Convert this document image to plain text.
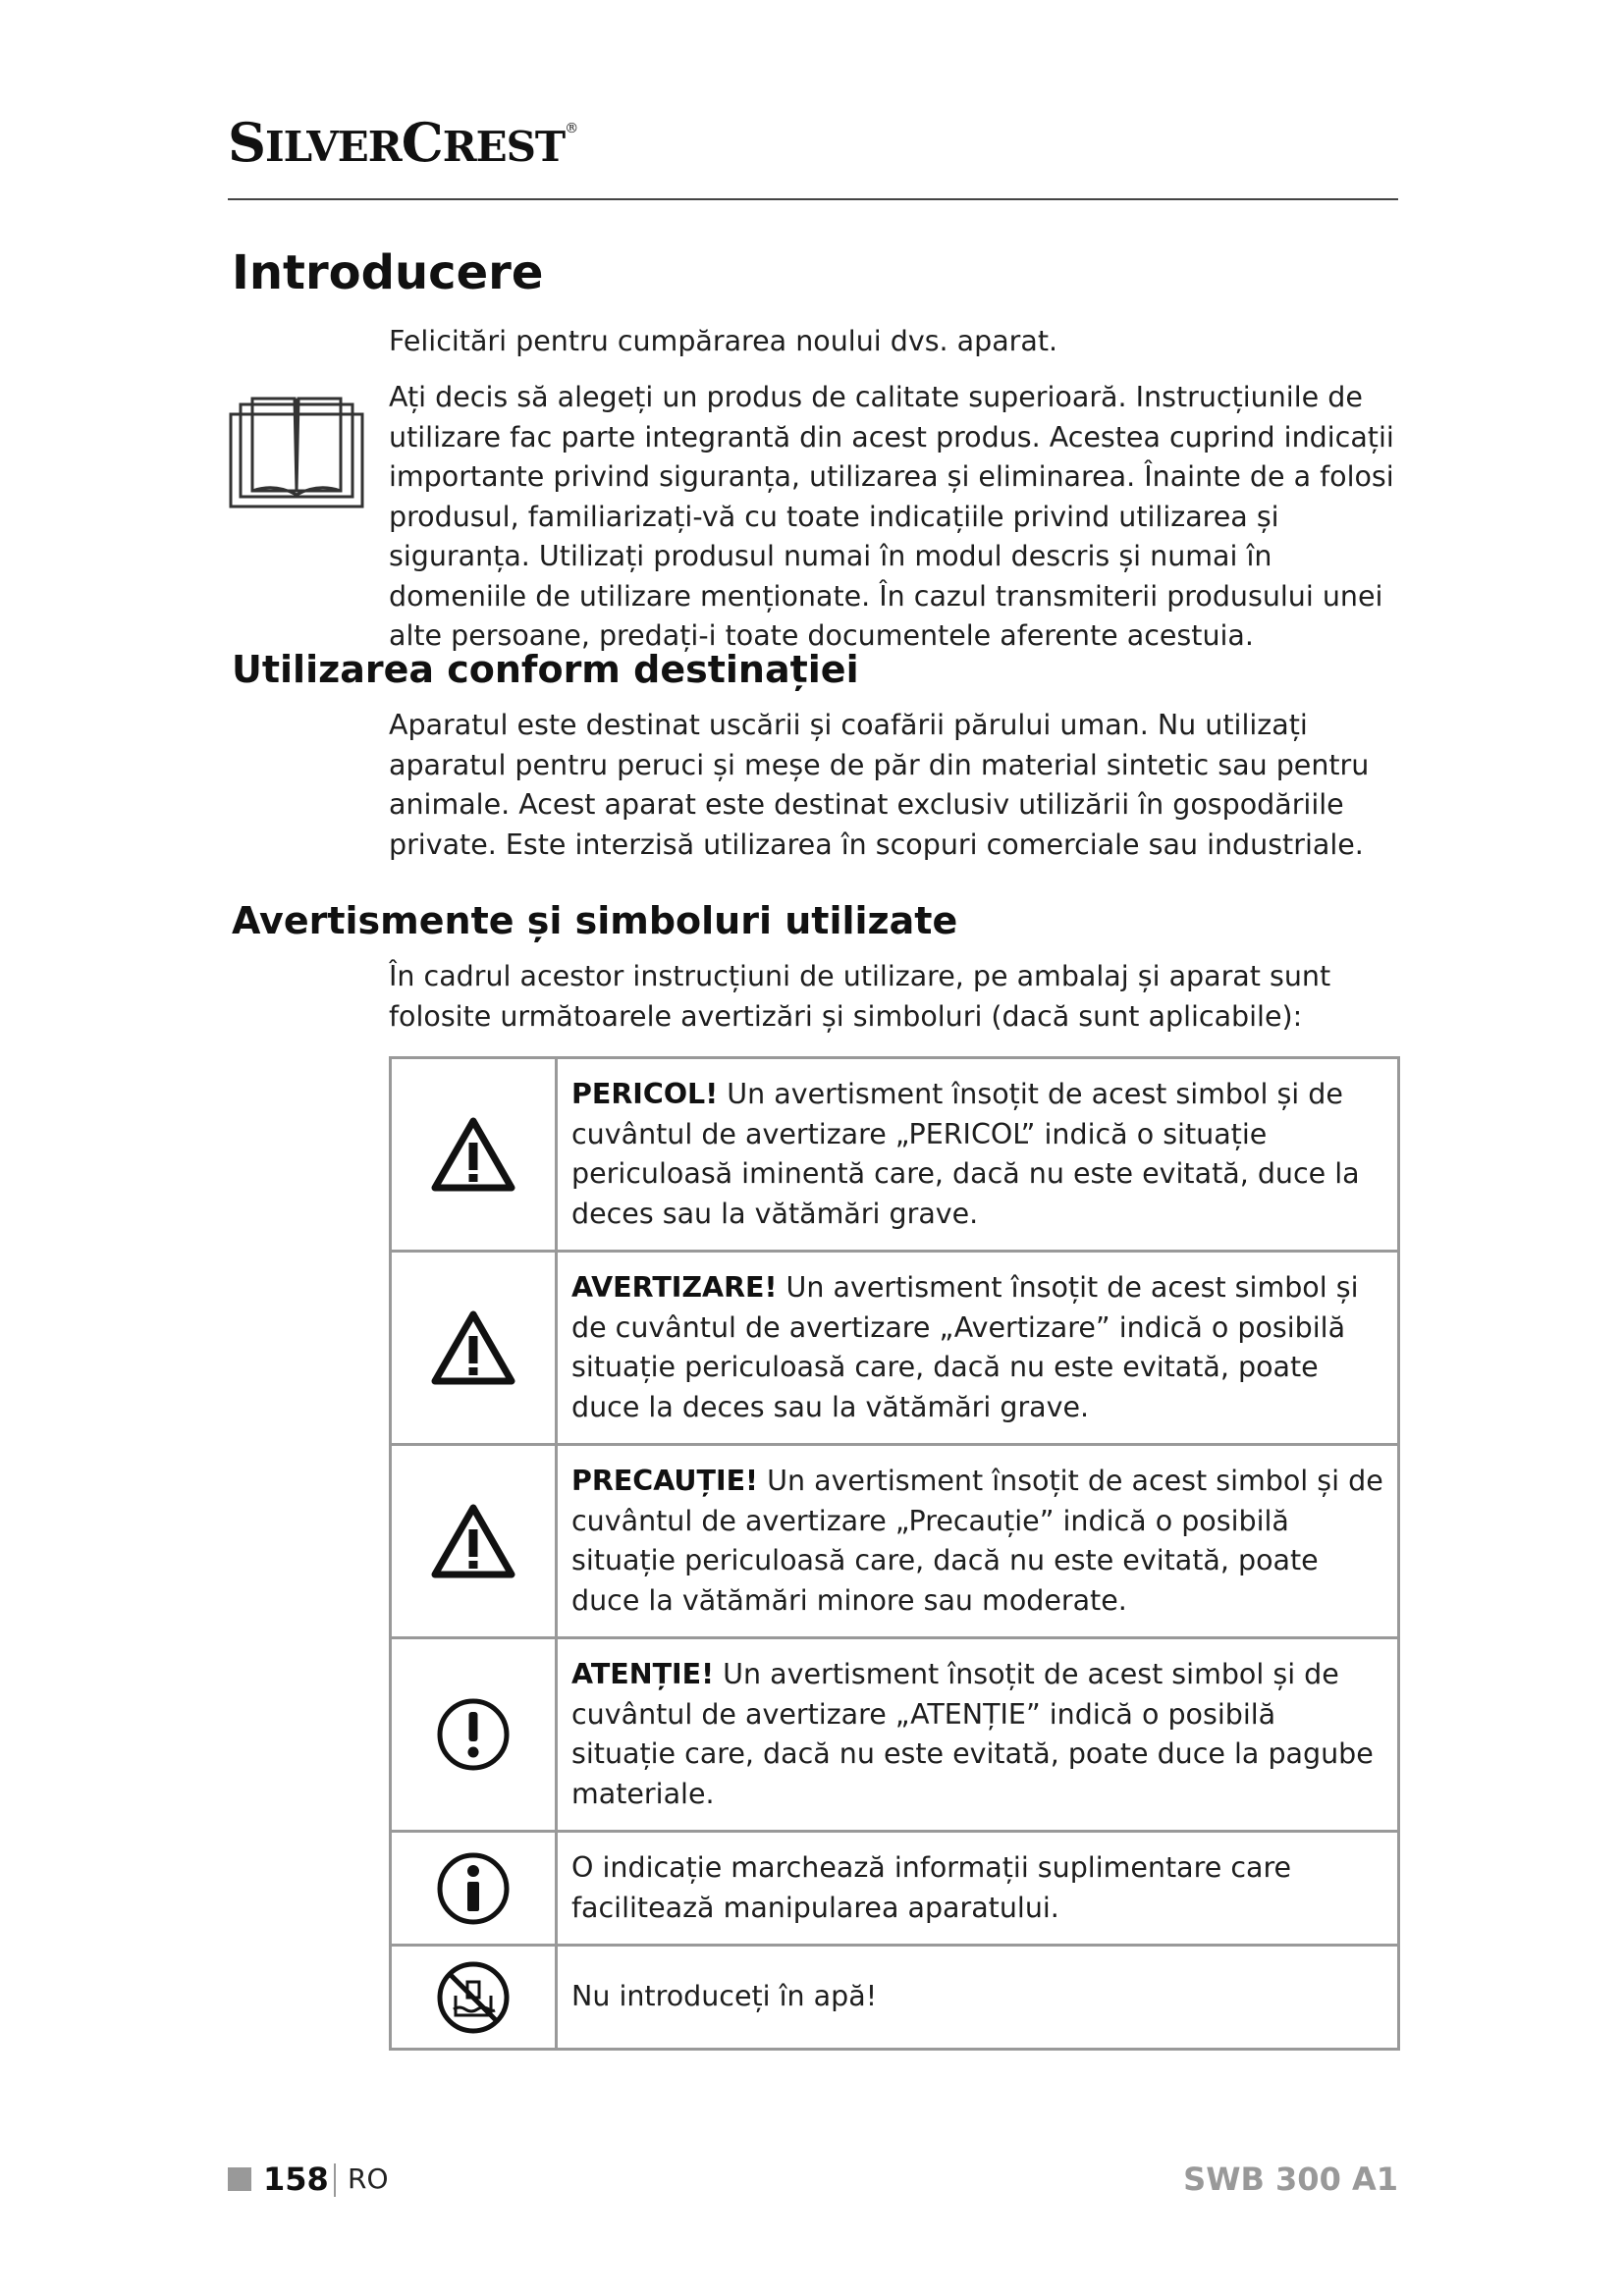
SILVERCREST®
Introducere

Felicitări pentru cumpărarea noului dvs. aparat.

Ați decis să alegeți un produs de calitate superioară. Instrucțiunile de utilizare fac parte integrantă din acest produs. Acestea cuprind indicații importante privind siguranța, utilizarea și eliminarea. Înainte de a folosi produsul, familiarizați-vă cu toate indicațiile privind utilizarea și siguranța. Utilizați produsul numai în modul descris și numai în domeniile de utilizare menționate. În cazul transmiterii produsului unei alte persoane, predați-i toate documentele aferente acestuia.

Utilizarea conform destinației

Aparatul este destinat uscării și coafării părului uman. Nu utilizați aparatul pentru peruci și meșe de păr din material sintetic sau pentru animale. Acest aparat este destinat exclusiv utilizării în gospodăriile private. Este interzisă utilizarea în scopuri comerciale sau industriale.

Avertismente și simboluri utilizate

În cadrul acestor instrucțiuni de utilizare, pe ambalaj și aparat sunt folosite următoarele avertizări și simboluri (dacă sunt aplicabile):

	PERICOL! Un avertisment însoțit de acest simbol și de cuvântul de avertizare „PERICOL” indică o situație periculoasă iminentă care, dacă nu este evitată, duce la deces sau la vătămări grave.

	AVERTIZARE! Un avertisment însoțit de acest simbol și de cuvântul de avertizare „Avertizare” indică o posibilă situație periculoasă care, dacă nu este evitată, poate duce la deces sau la vătămări grave.

	PRECAUȚIE! Un avertisment însoțit de acest simbol și de cuvântul de avertizare „Precauție” indică o posibilă situație periculoasă care, dacă nu este evitată, poate duce la vătămări minore sau moderate.

	ATENȚIE! Un avertisment însoțit de acest simbol și de cuvântul de avertizare „ATENȚIE” indică o posibilă situație care, dacă nu este evitată, poate duce la pagube materiale.

	O indicație marchează informații suplimentare care facilitează manipularea aparatului.

	Nu introduceți în apă!
158 RO	SWB 300 A1
